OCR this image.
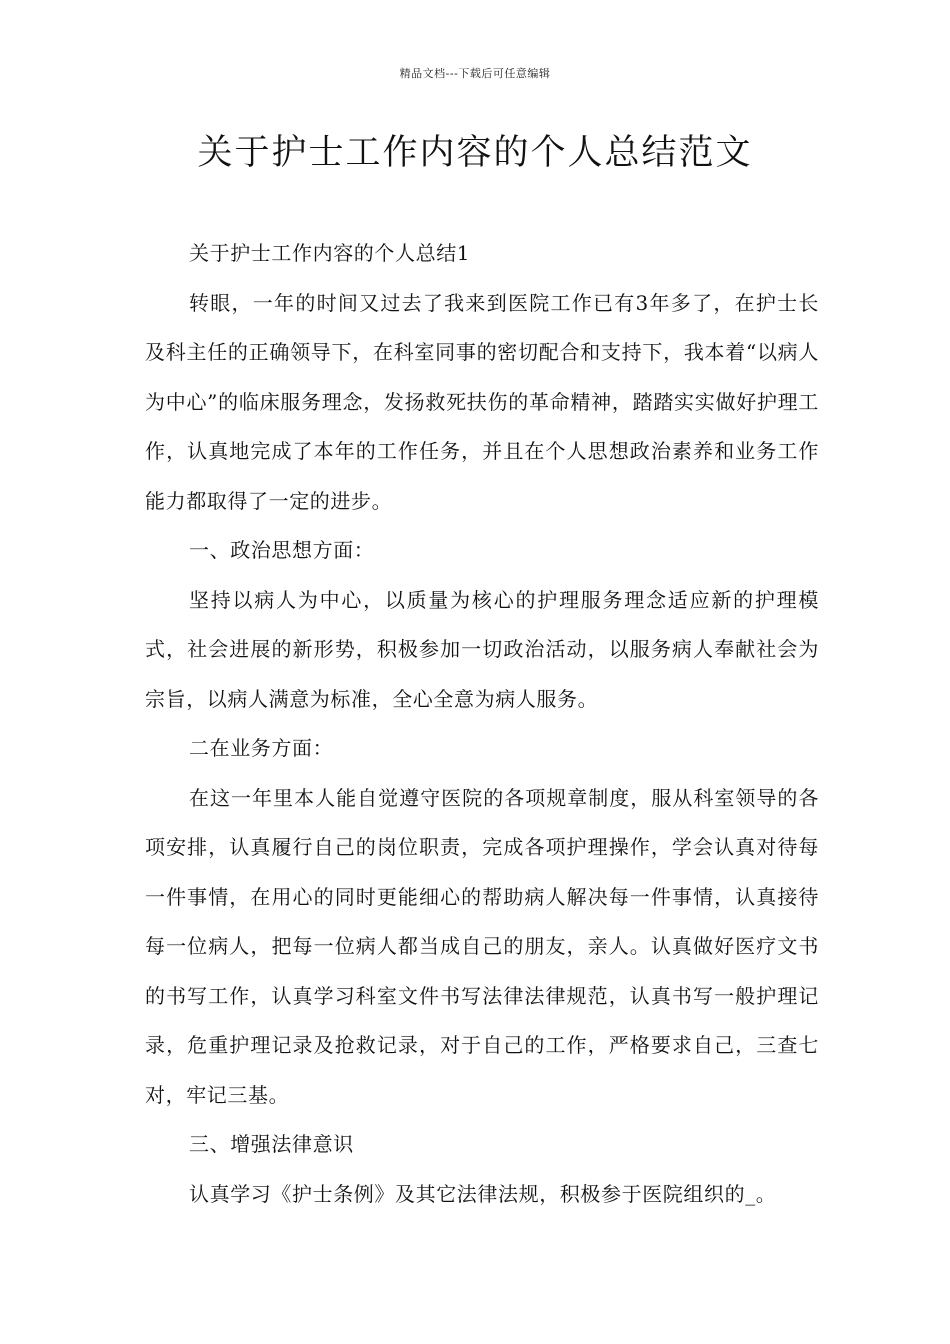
精品文档---下载后可任意编辑
关于护士工作内容的个人总结范文

关于护士工作内容的个人总结1

转眼，一年的时间又过去了我来到医院工作已有3年多了，在护士长及科主任的正确领导下，在科室同事的密切配合和支持下，我本着“以病人为中心”的临床服务理念，发扬救死扶伤的革命精神，踏踏实实做好护理工作，认真地完成了本年的工作任务，并且在个人思想政治素养和业务工作能力都取得了一定的进步。

一、政治思想方面：

坚持以病人为中心，以质量为核心的护理服务理念适应新的护理模式，社会进展的新形势，积极参加一切政治活动，以服务病人奉献社会为宗旨，以病人满意为标准，全心全意为病人服务。

二在业务方面：

在这一年里本人能自觉遵守医院的各项规章制度，服从科室领导的各项安排，认真履行自己的岗位职责，完成各项护理操作，学会认真对待每一件事情，在用心的同时更能细心的帮助病人解决每一件事情，认真接待每一位病人，把每一位病人都当成自己的朋友，亲人。认真做好医疗文书的书写工作，认真学习科室文件书写法律法律规范，认真书写一般护理记录，危重护理记录及抢救记录，对于自己的工作，严格要求自己，三查七对，牢记三基。

三、增强法律意识

认真学习《护士条例》及其它法律法规，积极参于医院组织的_。
